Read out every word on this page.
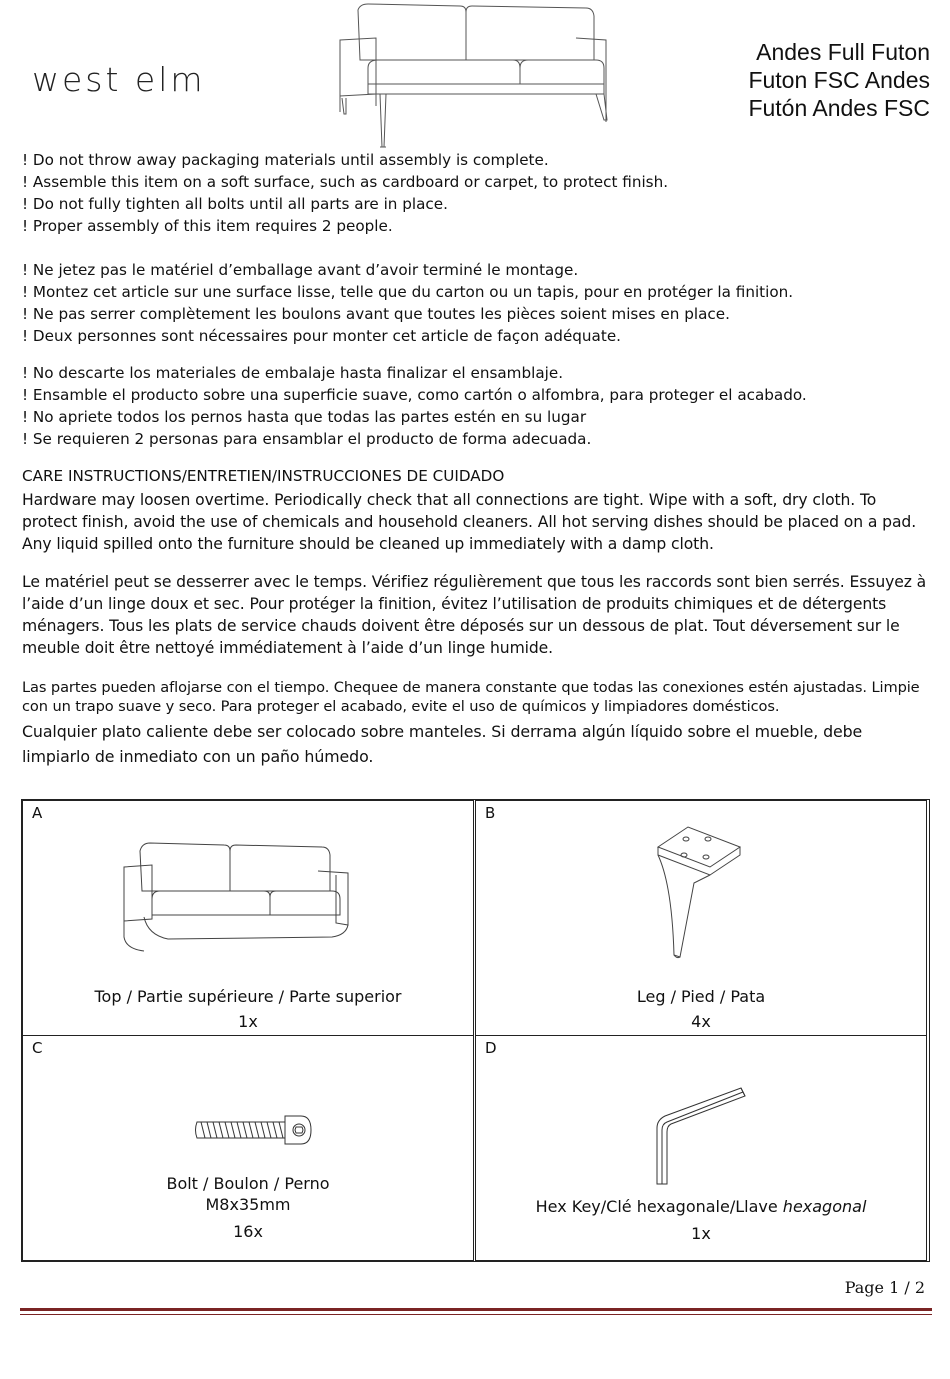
west elm
Andes Full Futon
Futon FSC Andes
Futón Andes FSC
! Do not throw away packaging materials until assembly is complete.
! Assemble this item on a soft surface, such as cardboard or carpet, to protect finish.
! Do not fully tighten all bolts until all parts are in place.
! Proper assembly of this item requires 2 people.
! Ne jetez pas le matériel d’emballage avant d’avoir terminé le montage.
! Montez cet article sur une surface lisse, telle que du carton ou un tapis, pour en protéger la finition.
! Ne pas serrer complètement les boulons avant que toutes les pièces soient mises en place.
! Deux personnes sont nécessaires pour monter cet article de façon adéquate.
! No descarte los materiales de embalaje hasta finalizar el ensamblaje.
! Ensamble el producto sobre una superficie suave, como cartón o alfombra, para proteger el acabado.
! No apriete todos los pernos hasta que todas las partes estén en su lugar
! Se requieren 2 personas para ensamblar el producto de forma adecuada.
CARE INSTRUCTIONS/ENTRETIEN/INSTRUCCIONES DE CUIDADO

Hardware may loosen overtime. Periodically check that all connections are tight. Wipe with a soft, dry cloth. To protect finish, avoid the use of chemicals and household cleaners. All hot serving dishes should be placed on a pad. Any liquid spilled onto the furniture should be cleaned up immediately with a damp cloth.

Le matériel peut se desserrer avec le temps. Vérifiez régulièrement que tous les raccords sont bien serrés. Essuyez à l’aide d’un linge doux et sec. Pour protéger la finition, évitez l’utilisation de produits chimiques et de détergents ménagers. Tous les plats de service chauds doivent être déposés sur un dessous de plat. Tout déversement sur le meuble doit être nettoyé immédiatement à l’aide d’un linge humide.

Las partes pueden aflojarse con el tiempo. Chequee de manera constante que todas las conexiones estén ajustadas. Limpie con un trapo suave y seco. Para proteger el acabado, evite el uso de químicos y limpiadores domésticos.

Cualquier plato caliente debe ser colocado sobre manteles. Si derrama algún líquido sobre el mueble, debe limpiarlo de inmediato con un paño húmedo.

A
Top / Partie supérieure / Parte superior
1x
B
Leg / Pied / Pata
4x
C
Bolt / Boulon / Perno
M8x35mm
16x
D
Hex Key/Clé hexagonale/Llave hexagonal
1x
Page 1 / 2
